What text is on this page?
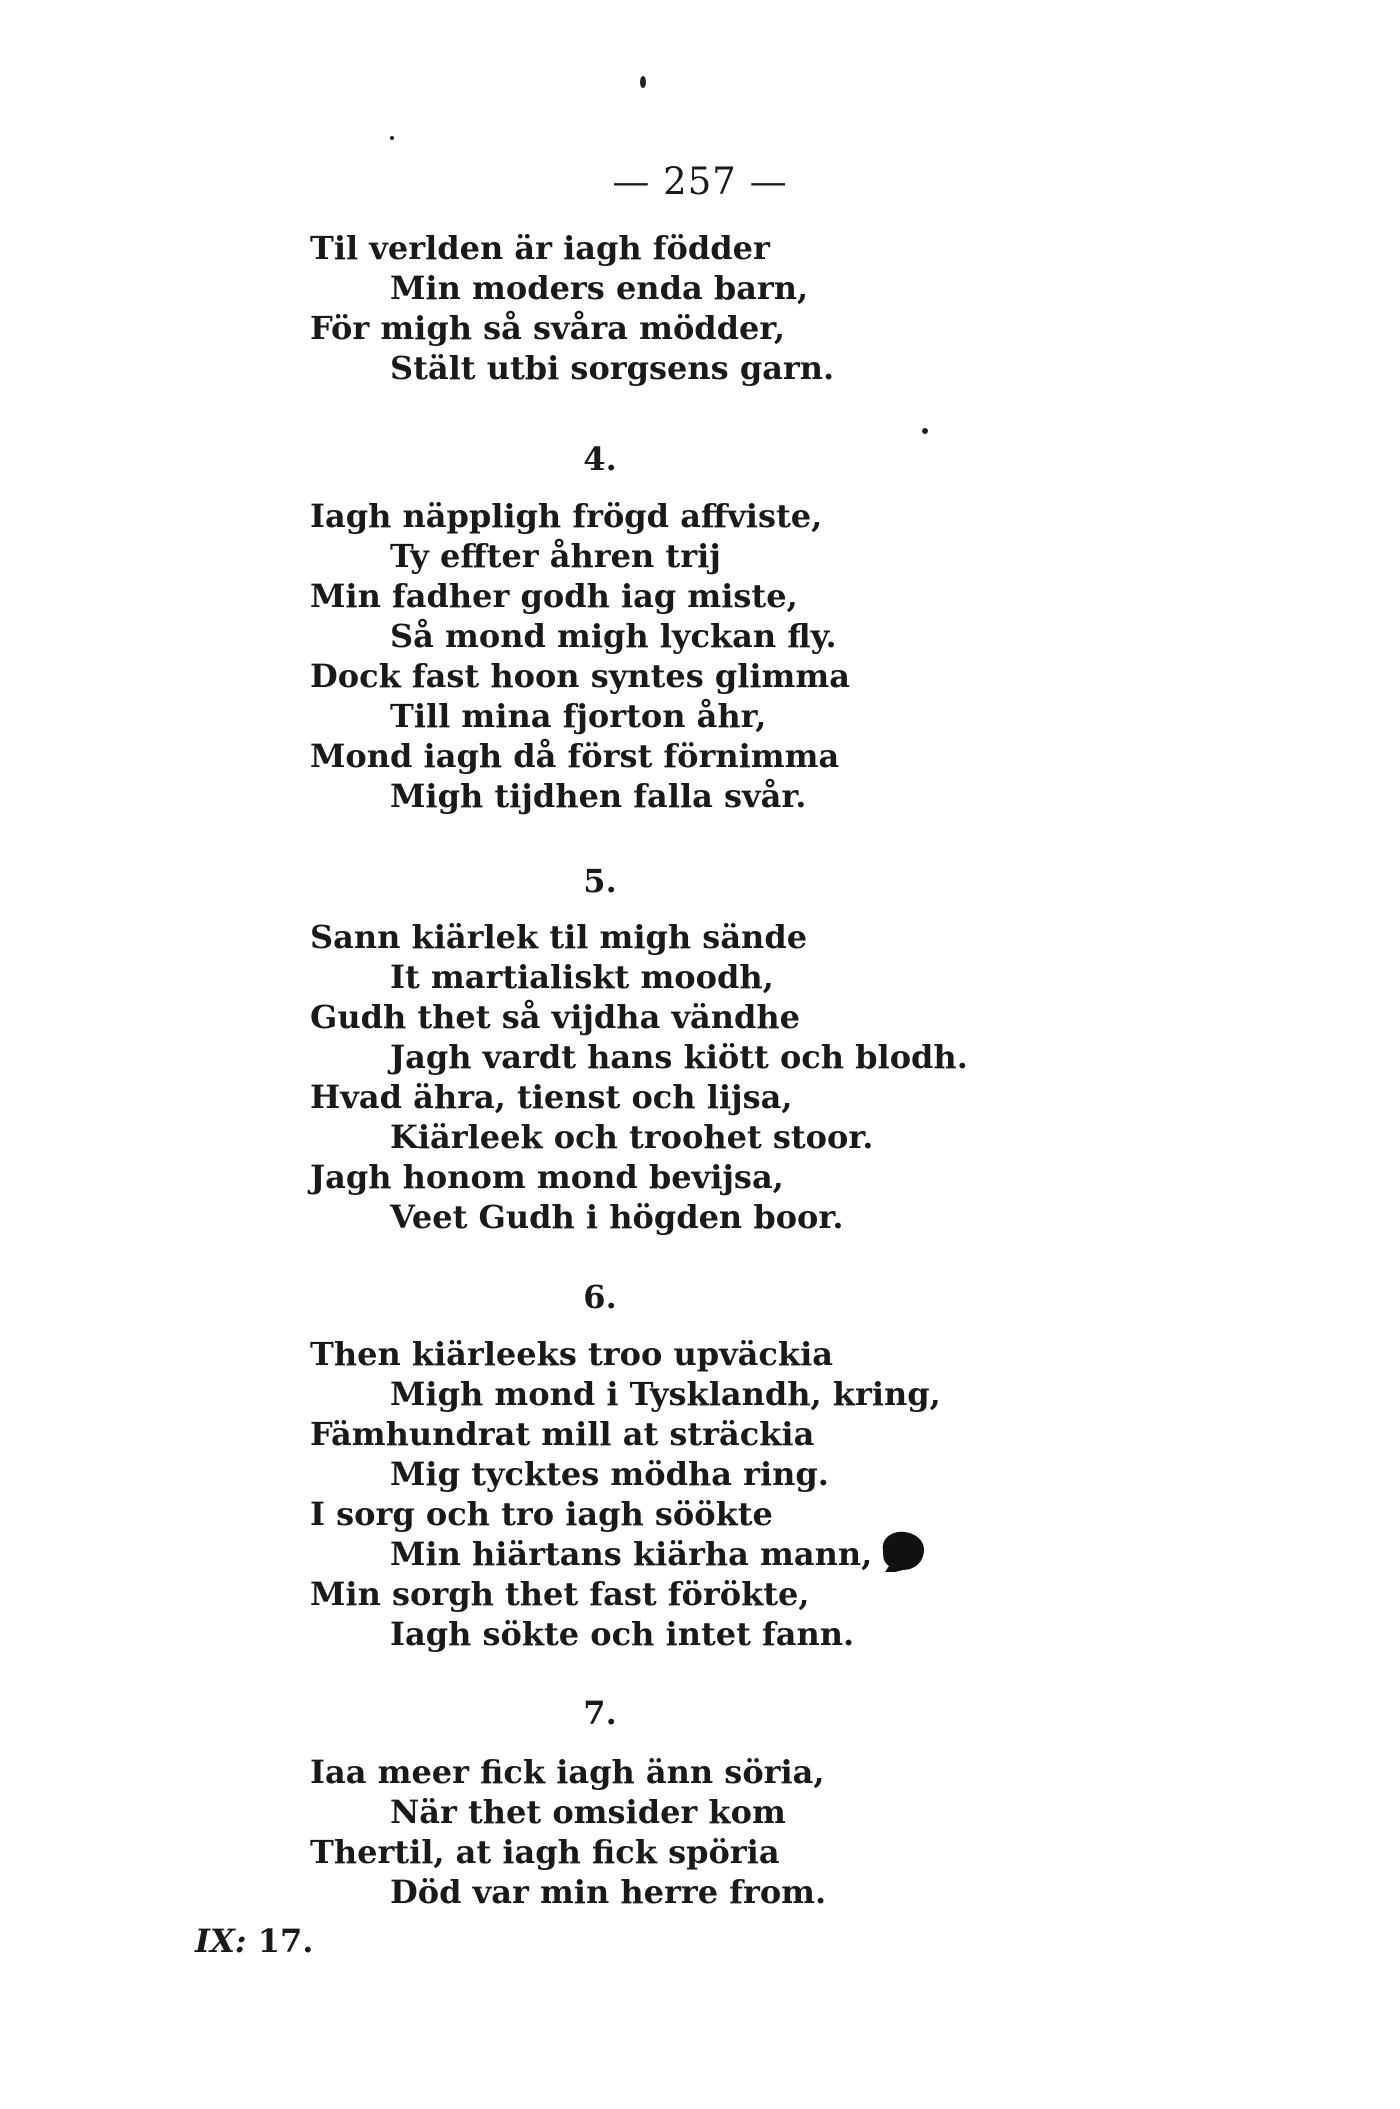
— 257 —
Til verlden är iagh födder
Min moders enda barn,
För migh så svåra mödder,
Stält utbi sorgsens garn.
4.
Iagh näppligh frögd affviste,
Ty effter åhren trij
Min fadher godh iag miste,
Så mond migh lyckan fly.
Dock fast hoon syntes glimma
Till mina fjorton åhr,
Mond iagh då först förnimma
Migh tijdhen falla svår.
5.
Sann kiärlek til migh sände
It martialiskt moodh,
Gudh thet så vijdha vändhe
Jagh vardt hans kiött och blodh.
Hvad ähra, tienst och lijsa,
Kiärleek och troohet stoor.
Jagh honom mond bevijsa,
Veet Gudh i högden boor.
6.
Then kiärleeks troo upväckia
Migh mond i Tysklandh, kring,
Fämhundrat mill at sträckia
Mig tycktes mödha ring.
I sorg och tro iagh söökte
Min hiärtans kiärha mann,
Min sorgh thet fast förökte,
Iagh sökte och intet fann.
7.
Iaa meer fick iagh änn söria,
När thet omsider kom
Thertil, at iagh fick spöria
Död var min herre from.
IX: 17.
